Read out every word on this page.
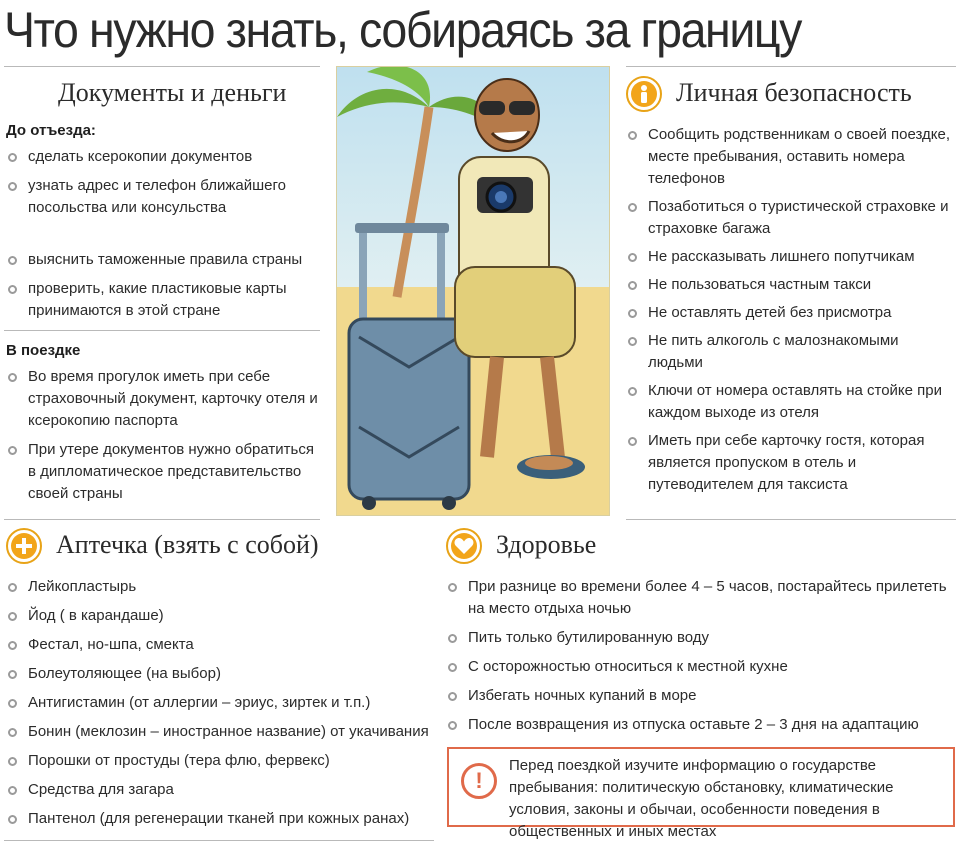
Что нужно знать, собираясь за границу
Документы и деньги
До отъезда:
сделать ксерокопии документов
узнать адрес и телефон ближайшего посольства или консульства
выяснить таможенные правила страны
проверить, какие пластиковые карты принимаются в этой стране
В поездке
Во время прогулок иметь при себе страховочный документ, карточку отеля и ксерокопию паспорта
При утере документов нужно обратиться в дипломатическое представительство своей страны
Личная безопасность
Сообщить родственникам о своей поездке, месте пребывания, оставить номера телефонов
Позаботиться о туристической страховке и страховке багажа
Не рассказывать лишнего попутчикам
Не пользоваться частным такси
Не оставлять детей без присмотра
Не пить алкоголь с малознакомыми людьми
Ключи от номера оставлять на стойке при каждом выходе из отеля
Иметь при себе карточку гостя, которая является пропуском в отель и путеводителем для таксиста
Аптечка (взять с собой)
Лейкопластырь
Йод ( в карандаше)
Фестал, но-шпа, смекта
Болеутоляющее (на выбор)
Антигистамин (от аллергии – эриус, зиртек и т.п.)
Бонин (меклозин – иностранное название) от укачивания
Порошки от простуды (тера флю, фервекс)
Средства для загара
Пантенол (для регенерации тканей при кожных ранах)
Здоровье
При разнице во времени более 4 – 5 часов, постарайтесь прилететь на место отдыха ночью
Пить только бутилированную воду
С осторожностью относиться к местной кухне
Избегать ночных купаний в море
После возвращения из отпуска оставьте 2 – 3 дня на адаптацию
!
Перед поездкой изучите информацию о государстве пребывания: политическую обстановку, климатические условия, законы и обычаи, особенности поведения в общественных и иных местах
